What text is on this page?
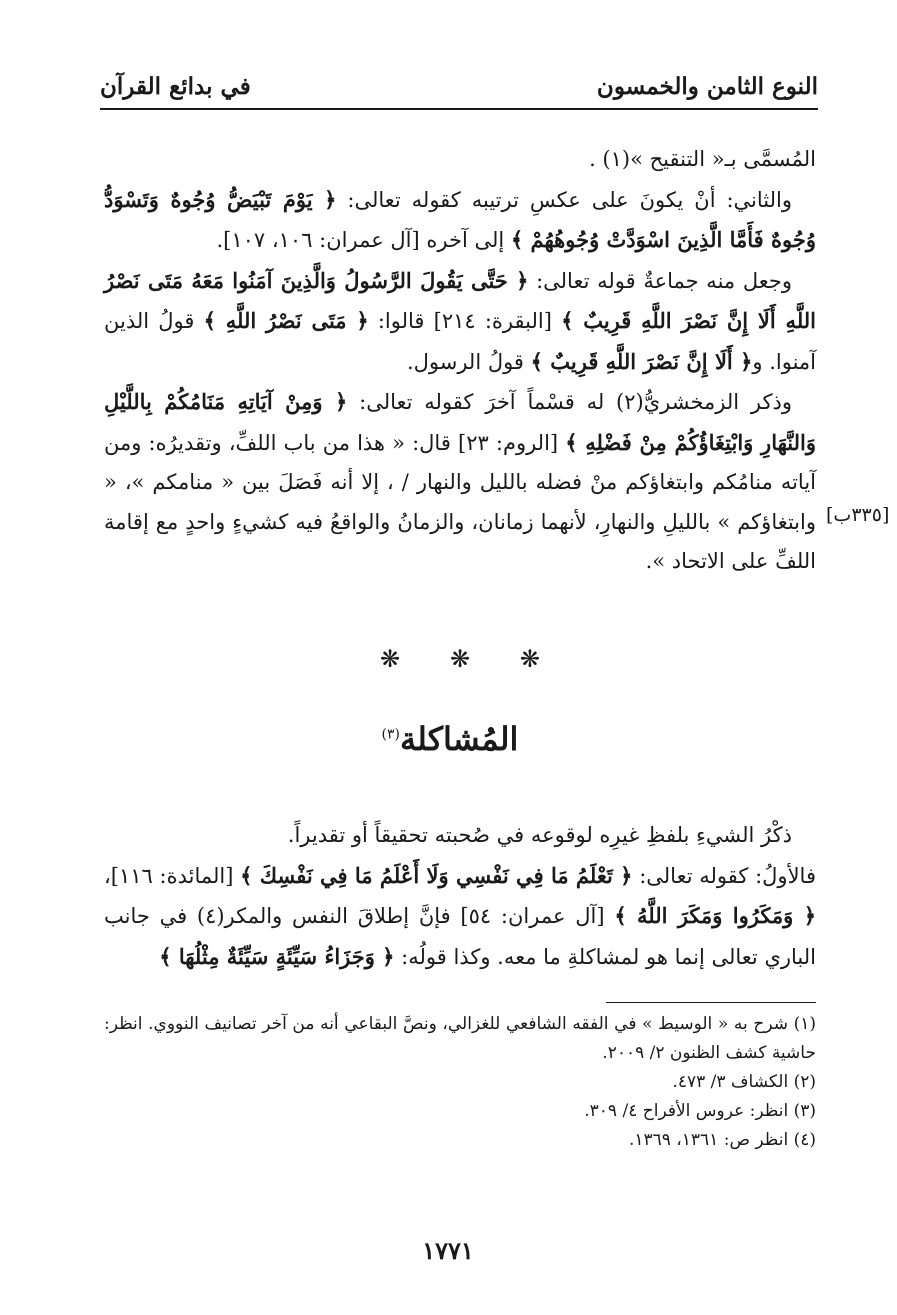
النوع الثامن والخمسون
في بدائع القرآن

المُسمَّى بـ« التنقيح »(١) .

والثاني: أنْ يكونَ على عكسِ ترتيبه كقوله تعالى: ﴿ يَوْمَ تَبْيَضُّ وُجُوهٌ وَتَسْوَدُّ وُجُوهٌ فَأَمَّا الَّذِينَ اسْوَدَّتْ وُجُوهُهُمْ ﴾ إلى آخره [آل عمران: ١٠٦، ١٠٧].

وجعل منه جماعةٌ قوله تعالى: ﴿ حَتَّى يَقُولَ الرَّسُولُ وَالَّذِينَ آمَنُوا مَعَهُ مَتَى نَصْرُ اللَّهِ أَلَا إِنَّ نَصْرَ اللَّهِ قَرِيبٌ ﴾ [البقرة: ٢١٤] قالوا: ﴿ مَتَى نَصْرُ اللَّهِ ﴾ قولُ الذين آمنوا. و﴿ أَلَا إِنَّ نَصْرَ اللَّهِ قَرِيبٌ ﴾ قولُ الرسول.

وذكر الزمخشريُّ(٢) له قسْماً آخرَ كقوله تعالى: ﴿ وَمِنْ آيَاتِهِ مَنَامُكُمْ بِاللَّيْلِ وَالنَّهَارِ وَابْتِغَاؤُكُمْ مِنْ فَضْلِهِ ﴾ [الروم: ٢٣] قال: « هذا من باب اللفِّ، وتقديرُه: ومن آياته منامُكم وابتغاؤكم منْ فضله بالليل والنهار / ، إلا أنه فَصَلَ بين « منامكم »، « وابتغاؤكم » بالليلِ والنهارِ، لأنهما زمانان، والزمانُ والواقعُ فيه كشيءٍ واحدٍ مع إقامة اللفِّ على الاتحاد ».

[٣٣٥ب]
❋ ❋ ❋
المُشاكلة$^{(٣)}$

ذكْرُ الشيءِ بلفظِ غيرِه لوقوعه في صُحبته تحقيقاً أو تقديراً.

فالأولُ: كقوله تعالى: ﴿ تَعْلَمُ مَا فِي نَفْسِي وَلَا أَعْلَمُ مَا فِي نَفْسِكَ ﴾ [المائدة: ١١٦]، ﴿ وَمَكَرُوا وَمَكَرَ اللَّهُ ﴾ [آل عمران: ٥٤] فإنَّ إطلاقَ النفس والمكر(٤) في جانب الباري تعالى إنما هو لمشاكلةِ ما معه. وكذا قولُه: ﴿ وَجَزَاءُ سَيِّئَةٍ سَيِّئَةٌ مِثْلُهَا ﴾

(١) شرح به « الوسيط » في الفقه الشافعي للغزالي، ونصَّ البقاعي أنه من آخر تصانيف النووي. انظر: حاشية كشف الظنون ٢/ ٢٠٠٩.

(٢) الكشاف ٣/ ٤٧٣.

(٣) انظر: عروس الأفراح ٤/ ٣٠٩.

(٤) انظر ص: ١٣٦١، ١٣٦٩.

١٧٧١
